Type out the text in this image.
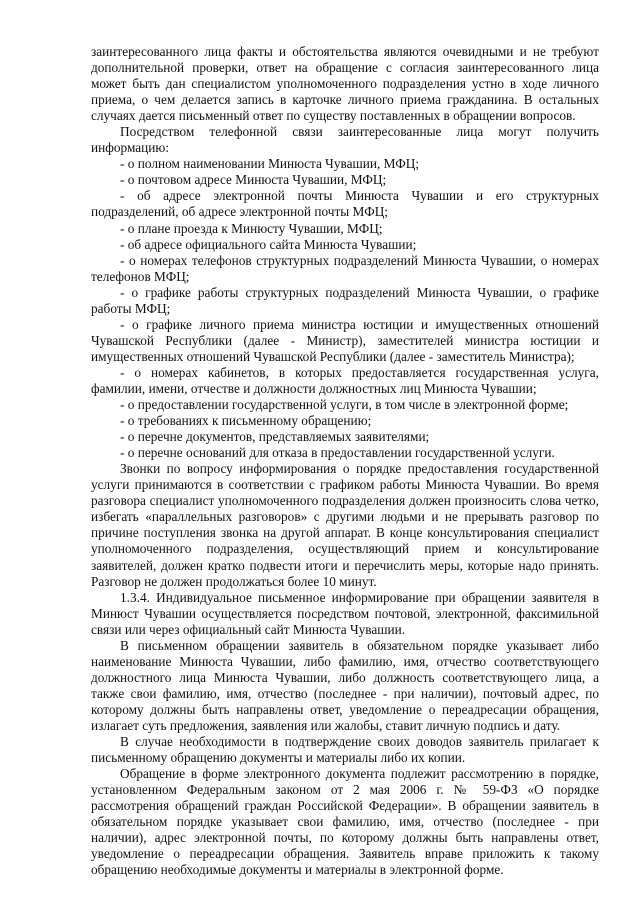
заинтересованного лица факты и обстоятельства являются очевидными и не требуют дополнительной проверки, ответ на обращение с согласия заинтересованного лица может быть дан специалистом уполномоченного подразделения устно в ходе личного приема, о чем делается запись в карточке личного приема гражданина. В остальных случаях дается письменный ответ по существу поставленных в обращении вопросов.

Посредством телефонной связи заинтересованные лица могут получить информацию:

- о полном наименовании Минюста Чувашии, МФЦ;

- о почтовом адресе Минюста Чувашии, МФЦ;

- об адресе электронной почты Минюста Чувашии и его структурных подразделений, об адресе электронной почты МФЦ;

- о плане проезда к Минюсту Чувашии, МФЦ;

- об адресе официального сайта Минюста Чувашии;

- о номерах телефонов структурных подразделений Минюста Чувашии, о номерах телефонов МФЦ;

- о графике работы структурных подразделений Минюста Чувашии, о графике работы МФЦ;

- о графике личного приема министра юстиции и имущественных отношений Чувашской Республики (далее - Министр), заместителей министра юстиции и имущественных отношений Чувашской Республики (далее - заместитель Министра);

- о номерах кабинетов, в которых предоставляется государственная услуга, фамилии, имени, отчестве и должности должностных лиц Минюста Чувашии;

- о предоставлении государственной услуги, в том числе в электронной форме;

- о требованиях к письменному обращению;

- о перечне документов, представляемых заявителями;

- о перечне оснований для отказа в предоставлении государственной услуги.

Звонки по вопросу информирования о порядке предоставления государственной услуги принимаются в соответствии с графиком работы Минюста Чувашии. Во время разговора специалист уполномоченного подразделения должен произносить слова четко, избегать «параллельных разговоров» с другими людьми и не прерывать разговор по причине поступления звонка на другой аппарат. В конце консультирования специалист уполномоченного подразделения, осуществляющий прием и консультирование заявителей, должен кратко подвести итоги и перечислить меры, которые надо принять. Разговор не должен продолжаться более 10 минут.

1.3.4. Индивидуальное письменное информирование при обращении заявителя в Минюст Чувашии осуществляется посредством почтовой, электронной, факсимильной связи или через официальный сайт Минюста Чувашии.

В письменном обращении заявитель в обязательном порядке указывает либо наименование Минюста Чувашии, либо фамилию, имя, отчество соответствующего должностного лица Минюста Чувашии, либо должность соответствующего лица, а также свои фамилию, имя, отчество (последнее - при наличии), почтовый адрес, по которому должны быть направлены ответ, уведомление о переадресации обращения, излагает суть предложения, заявления или жалобы, ставит личную подпись и дату.

В случае необходимости в подтверждение своих доводов заявитель прилагает к письменному обращению документы и материалы либо их копии.

Обращение в форме электронного документа подлежит рассмотрению в порядке, установленном Федеральным законом от 2 мая 2006 г. № 59-ФЗ «О порядке рассмотрения обращений граждан Российской Федерации». В обращении заявитель в обязательном порядке указывает свои фамилию, имя, отчество (последнее - при наличии), адрес электронной почты, по которому должны быть направлены ответ, уведомление о переадресации обращения. Заявитель вправе приложить к такому обращению необходимые документы и материалы в электронной форме.
